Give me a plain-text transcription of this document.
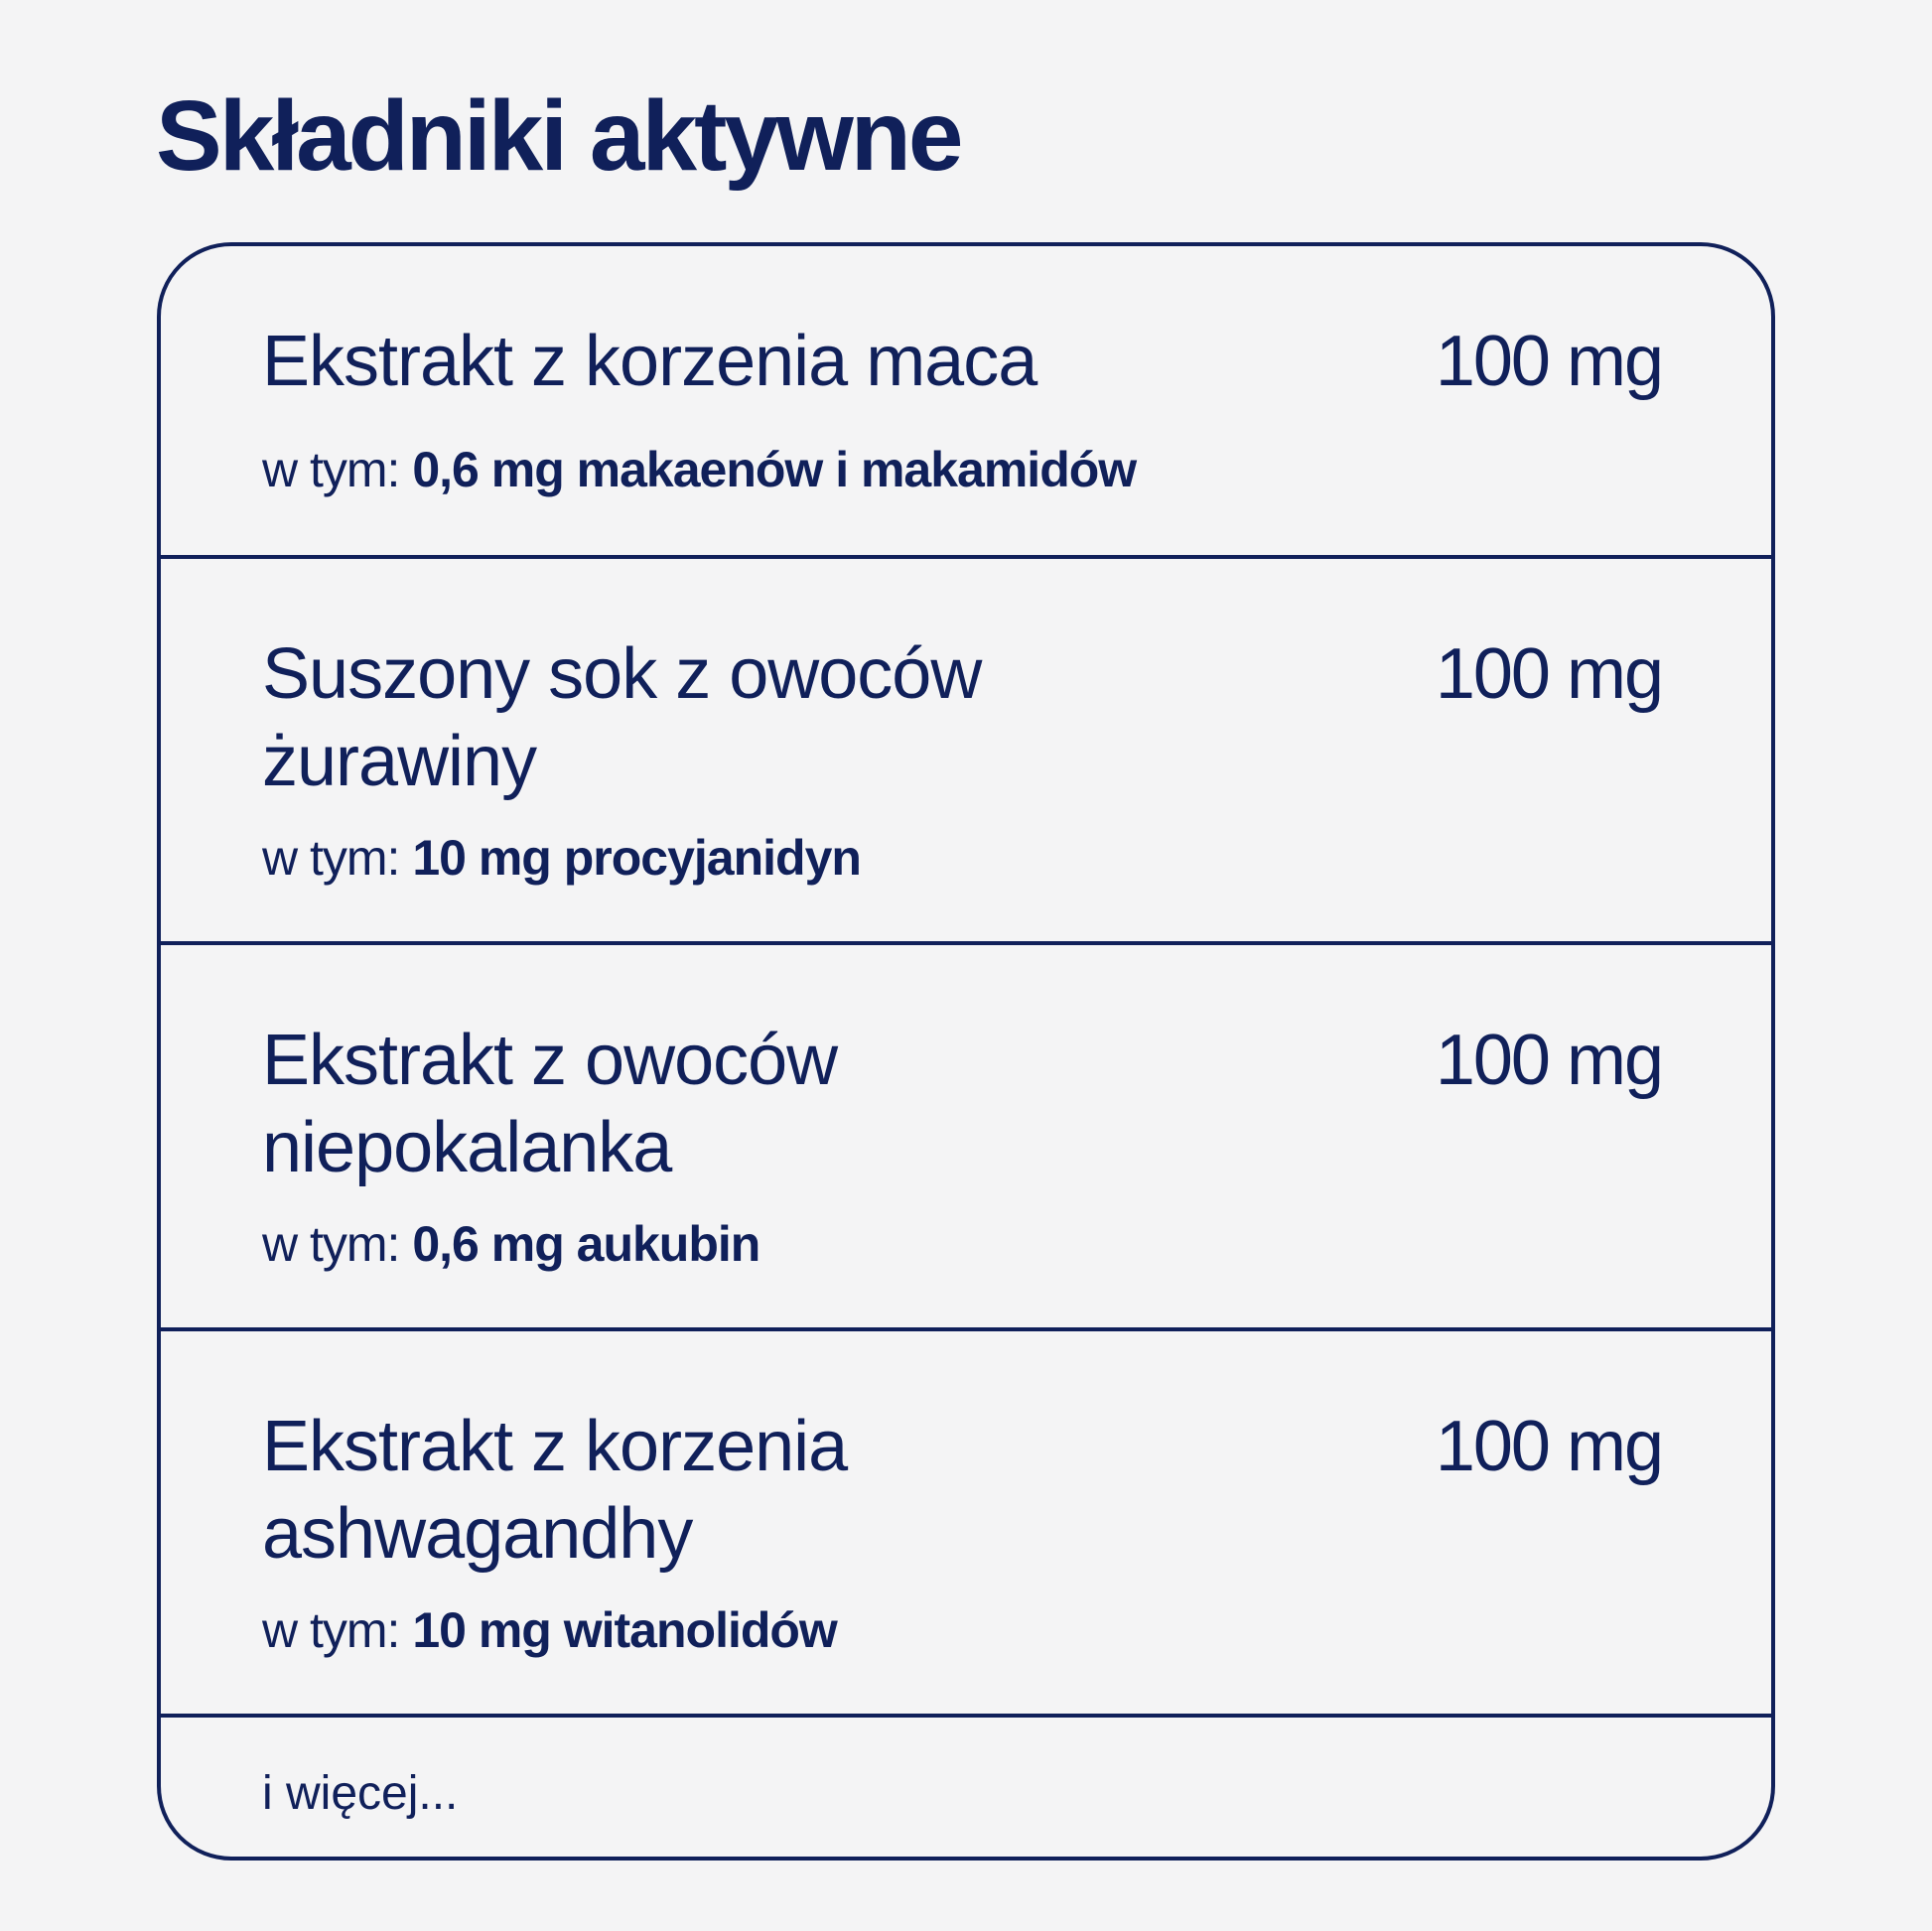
Składniki aktywne

Ekstrakt z korzenia maca	100 mg

w tym: 0,6 mg makaenów i makamidów

Suszony sok z owoców żurawiny

100 mg

w tym: 10 mg procyjanidyn

Ekstrakt z owoców niepokalanka

100 mg

w tym: 0,6 mg aukubin

Ekstrakt z korzenia ashwagandhy

100 mg

w tym: 10 mg witanolidów

i więcej...
